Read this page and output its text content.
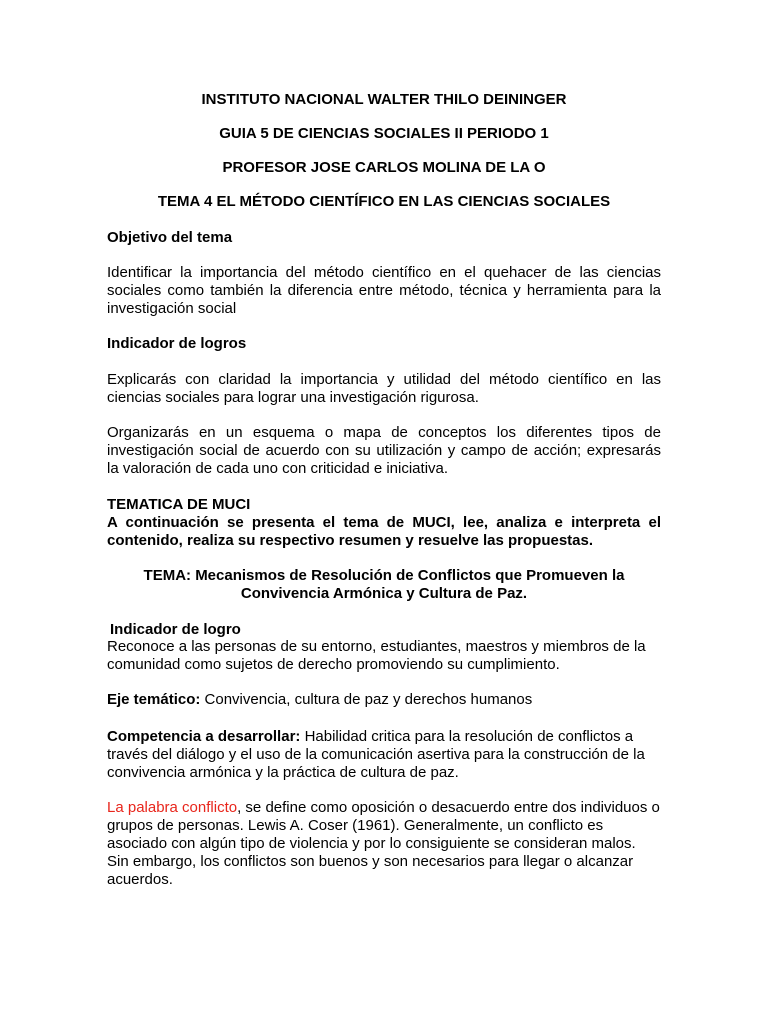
INSTITUTO NACIONAL WALTER THILO DEININGER

GUIA 5 DE CIENCIAS SOCIALES II PERIODO 1

PROFESOR JOSE CARLOS MOLINA DE LA O

TEMA 4 EL MÉTODO CIENTÍFICO EN LAS CIENCIAS SOCIALES

Objetivo del tema

Identificar la importancia del método científico en el quehacer de las ciencias sociales como también la diferencia entre método, técnica y herramienta para la investigación social

Indicador de logros

Explicarás con claridad la importancia y utilidad del método científico en las ciencias sociales para lograr una investigación rigurosa.

Organizarás en un esquema o mapa de conceptos los diferentes tipos de investigación social de acuerdo con su utilización y campo de acción; expresarás la valoración de cada uno con criticidad e iniciativa.

TEMATICA DE MUCI

A continuación se presenta el tema de MUCI, lee, analiza e interpreta el contenido, realiza su respectivo resumen y resuelve las propuestas.

TEMA: Mecanismos de Resolución de Conflictos que Promueven la

Convivencia Armónica y Cultura de Paz.

Indicador de logro

Reconoce a las personas de su entorno, estudiantes, maestros y miembros de la comunidad como sujetos de derecho promoviendo su cumplimiento.

Eje temático: Convivencia, cultura de paz y derechos humanos

Competencia a desarrollar: Habilidad critica para la resolución de conflictos a través del diálogo y el uso de la comunicación asertiva para la construcción de la convivencia armónica y la práctica de cultura de paz.

La palabra conflicto, se define como oposición o desacuerdo entre dos individuos o grupos de personas. Lewis A. Coser (1961). Generalmente, un conflicto es asociado con algún tipo de violencia y por lo consiguiente se consideran malos. Sin embargo, los conflictos son buenos y son necesarios para llegar o alcanzar acuerdos.
